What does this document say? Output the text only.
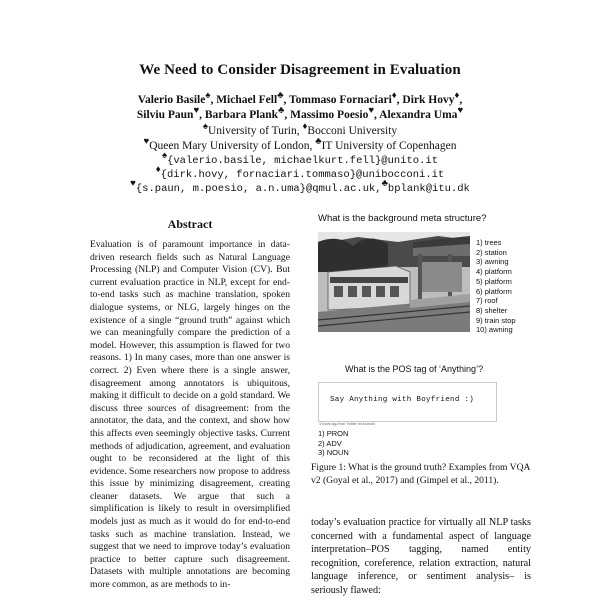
We Need to Consider Disagreement in Evaluation
Valerio Basile♠, Michael Fell♣, Tommaso Fornaciari♦, Dirk Hovy♦,
Silviu Paun♥, Barbara Plank♣, Massimo Poesio♥, Alexandra Uma♥
♠University of Turin, ♦Bocconi University
♥Queen Mary University of London, ♣IT University of Copenhagen
♠{valerio.basile, michaelkurt.fell}@unito.it
♦{dirk.hovy, fornaciari.tommaso}@unibocconi.it
♥{s.paun, m.poesio, a.n.uma}@qmul.ac.uk,♣bplank@itu.dk
Abstract

Evaluation is of paramount importance in data-driven research fields such as Natural Language Processing (NLP) and Computer Vision (CV). But current evaluation practice in NLP, except for end-to-end tasks such as machine translation, spoken dialogue systems, or NLG, largely hinges on the existence of a single “ground truth” against which we can meaningfully compare the prediction of a model. However, this assumption is flawed for two reasons. 1) In many cases, more than one answer is correct. 2) Even where there is a single answer, disagreement among annotators is ubiquitous, making it difficult to decide on a gold standard. We discuss three sources of disagreement: from the annotator, the data, and the context, and show how this affects even seemingly objective tasks. Current methods of adjudication, agreement, and evaluation ought to be reconsidered at the light of this evidence. Some researchers now propose to address this issue by minimizing disagreement, creating cleaner datasets. We argue that such a simplification is likely to result in oversimplified models just as much as it would do for end-to-end tasks such as machine translation. Instead, we suggest that we need to improve today’s evaluation practice to better capture such disagreement. Datasets with multiple annotations are becoming more common, as are methods to in-

What is the background meta structure?
1) trees
2) station
3) awning
4) platform
5) platform
6) platform
7) roof
8) shelter
9) train stop
10) awning
What is the POS tag of ‘Anything’?
Say Anything with Boyfriend :)
4 hours ago from Twitter for Android
1) PRON
2) ADV
3) NOUN
Figure 1: What is the ground truth? Examples from VQA v2 (Goyal et al., 2017) and (Gimpel et al., 2011).
today’s evaluation practice for virtually all NLP tasks concerned with a fundamental aspect of language interpretation–POS tagging, named entity recognition, coreference, relation extraction, natural language inference, or sentiment analysis– is seriously flawed:
